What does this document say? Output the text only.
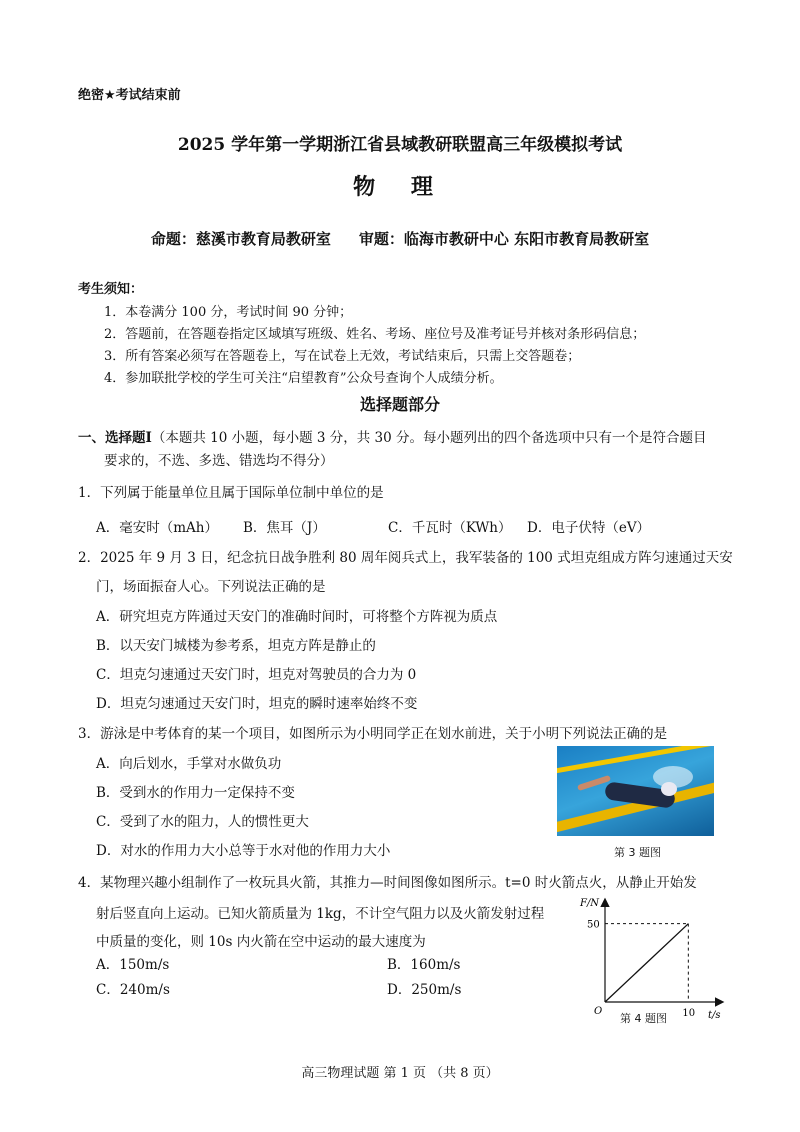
绝密★考试结束前
2025 学年第一学期浙江省县域教研联盟高三年级模拟考试
物 理
命题：慈溪市教育局教研室 审题：临海市教研中心 东阳市教育局教研室
考生须知：
1．本卷满分 100 分，考试时间 90 分钟；
2．答题前，在答题卷指定区域填写班级、姓名、考场、座位号及准考证号并核对条形码信息；
3．所有答案必须写在答题卷上，写在试卷上无效，考试结束后，只需上交答题卷；
4．参加联批学校的学生可关注“启望教育”公众号查询个人成绩分析。
选择题部分
一、选择题Ⅰ（本题共 10 小题，每小题 3 分，共 30 分。每小题列出的四个备选项中只有一个是符合题目
要求的，不选、多选、错选均不得分）
1．下列属于能量单位且属于国际单位制中单位的是
A．毫安时（mAh） B．焦耳（J）	C．千瓦时（KWh） D．电子伏特（eV）
2．2025 年 9 月 3 日，纪念抗日战争胜利 80 周年阅兵式上，我军装备的 100 式坦克组成方阵匀速通过天安
门，场面振奋人心。下列说法正确的是
A．研究坦克方阵通过天安门的准确时间时，可将整个方阵视为质点
B．以天安门城楼为参考系，坦克方阵是静止的
C．坦克匀速通过天安门时，坦克对驾驶员的合力为 0
D．坦克匀速通过天安门时，坦克的瞬时速率始终不变
3．游泳是中考体育的某一个项目，如图所示为小明同学正在划水前进，关于小明下列说法正确的是
A．向后划水，手掌对水做负功
B．受到水的作用力一定保持不变
C．受到了水的阻力，人的惯性更大
D．对水的作用力大小总等于水对他的作用力大小	第 3 题图
4．某物理兴趣小组制作了一枚玩具火箭，其推力—时间图像如图所示。t=0 时火箭点火，从静止开始发
射后竖直向上运动。已知火箭质量为 1kg，不计空气阻力以及火箭发射过程
中质量的变化，则 10s 内火箭在空中运动的最大速度为
A．150m/s	B．160m/s
C．240m/s	D．250m/s
F/N
t/s
O
50
10
第 4 题图
高三物理试题 第 1 页 （共 8 页）
